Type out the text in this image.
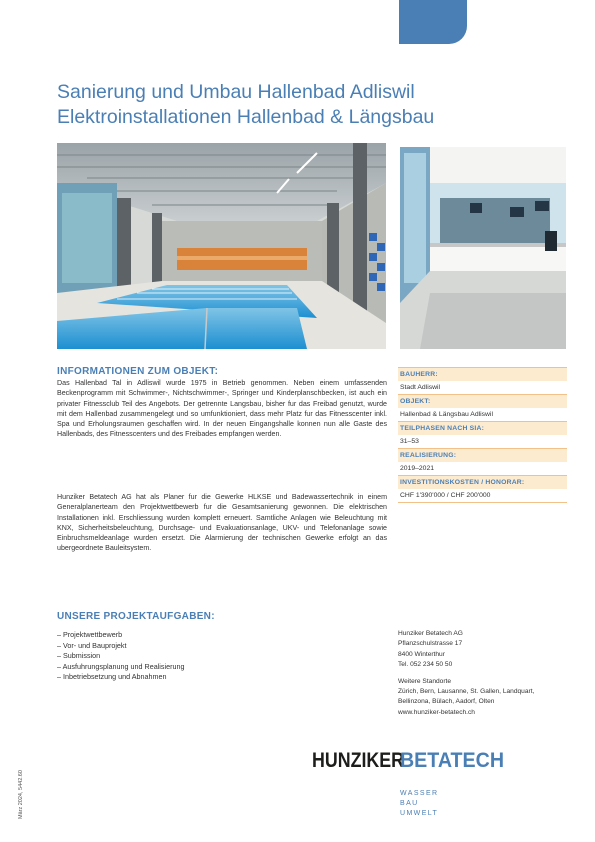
Sanierung und Umbau Hallenbad Adliswil
Elektroinstallationen Hallenbad & Längsbau
INFORMATIONEN ZUM OBJEKT:
Das Hallenbad Tal in Adliswil wurde 1975 in Betrieb genommen. Neben einem umfassenden Beckenprogramm mit Schwimmer-, Nichtschwimmer-, Springer und Kinderplanschbecken, ist auch ein privater Fitnessclub Teil des Angebots. Der getrennte Langsbau, bisher fur das Freibad genutzt, wurde mit dem Hallenbad zusammengelegt und so umfunktioniert, dass mehr Platz fur das Fitnesscenter inkl. Spa und Erholungsraumen geschaffen wird. In der neuen Eingangshalle konnen nun alle Gaste des Hallenbads, des Fitnesscenters und des Freibades empfangen werden.
Hunziker Betatech AG hat als Planer fur die Gewerke HLKSE und Badewassertechnik in einem Generalplanerteam den Projektwettbewerb fur die Gesamtsanierung gewonnen. Die elektrischen Installationen inkl. Erschliessung wurden komplett erneuert. Samtliche Anlagen wie Beleuchtung mit KNX, Sicherheitsbeleuchtung, Durchsage- und Evakuationsanlage, UKV- und Telefonanlage sowie Einbruchsmeldeanlage wurden ersetzt. Die Alarmierung der technischen Gewerke erfolgt an das ubergeordnete Bauleitsystem.
BAUHERR:
Stadt Adliswil
OBJEKT:
Hallenbad & Längsbau Adliswil
TEILPHASEN NACH SIA:
31–53
REALISIERUNG:
2019–2021
INVESTITIONSKOSTEN / HONORAR:
CHF 1'390'000 / CHF 200'000
UNSERE PROJEKTAUFGABEN:
– Projektwettbewerb
– Vor- und Bauprojekt
– Submission
– Ausfuhrungsplanung und Realisierung
– Inbetriebsetzung und Abnahmen
Hunziker Betatech AG
Pflanzschulstrasse 17
8400 Winterthur
Tel. 052 234 50 50
Weitere Standorte
Zürich, Bern, Lausanne, St. Gallen, Landquart,
Bellinzona, Bülach, Aadorf, Olten
www.hunziker-betatech.ch
HUNZIKER
BETATECH
WASSER
BAU
UMWELT
März 2024, 5442.60
